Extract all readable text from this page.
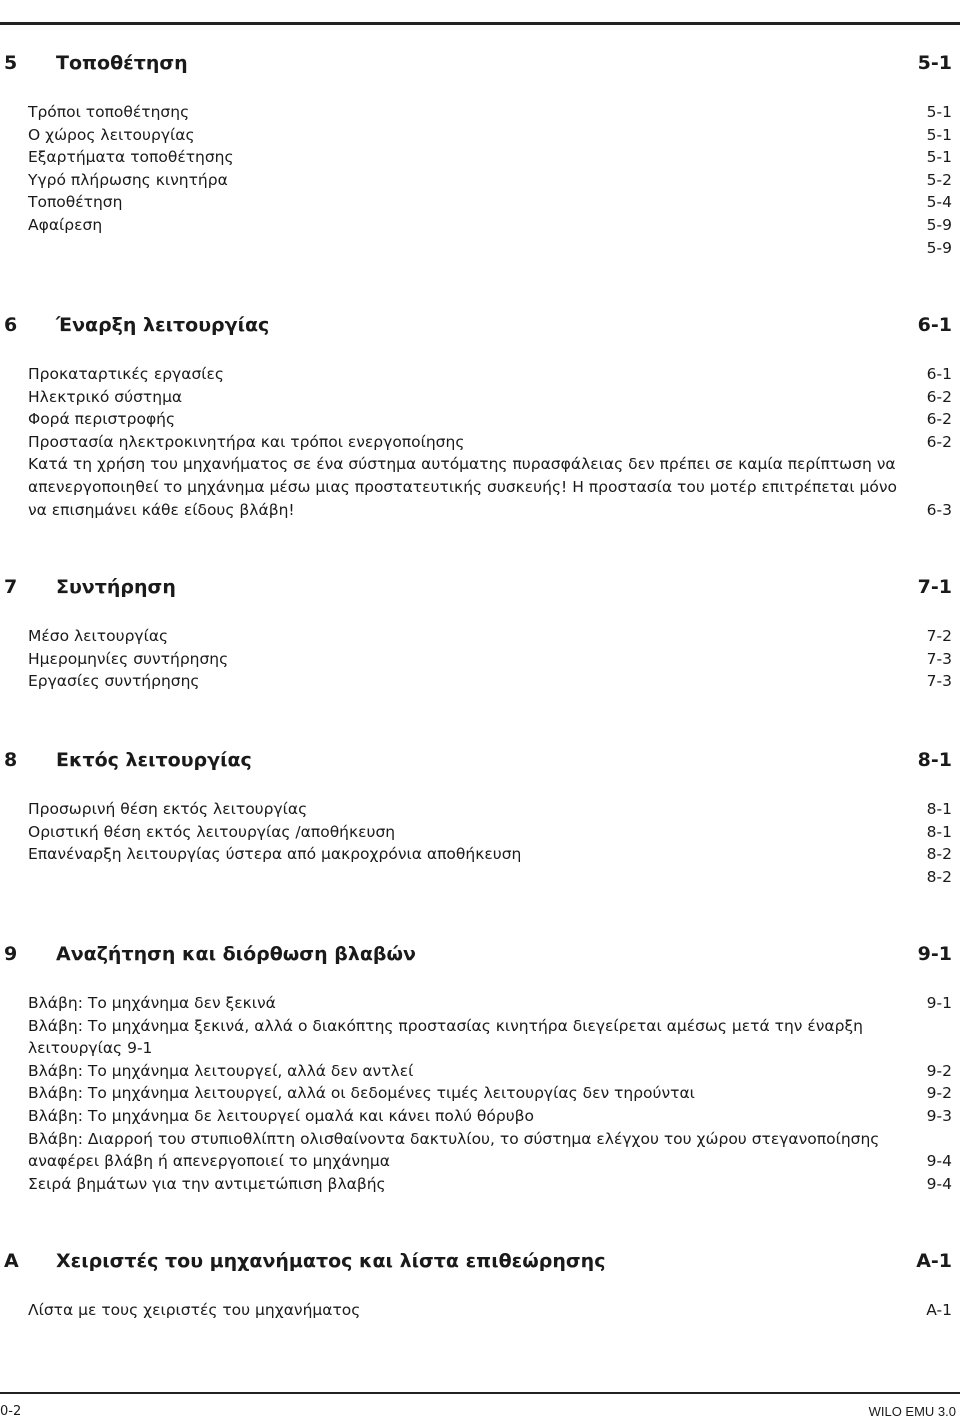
5 Τοποθέτηση	5-1
Τρόποι τοποθέτησης	5-1
Ο χώρος λειτουργίας	5-1
Εξαρτήματα τοποθέτησης	5-1
Υγρό πλήρωσης κινητήρα	5-2
Τοποθέτηση	5-4
Αφαίρεση	5-9
5-9
6 Έναρξη λειτουργίας	6-1
Προκαταρτικές εργασίες	6-1
Ηλεκτρικό σύστημα	6-2
Φορά περιστροφής	6-2
Προστασία ηλεκτροκινητήρα και τρόποι ενεργοποίησης	6-2
Κατά τη χρήση του μηχανήματος σε ένα σύστημα αυτόματης πυρασφάλειας δεν πρέπει σε καμία περίπτωση να απενεργοποιηθεί το μηχάνημα μέσω μιας προστατευτικής συσκευής! Η προστασία του μοτέρ επιτρέπεται μόνο να επισημάνει κάθε είδους βλάβη!	6-3
7 Συντήρηση	7-1
Μέσο λειτουργίας	7-2
Ημερομηνίες συντήρησης	7-3
Εργασίες συντήρησης	7-3
8 Εκτός λειτουργίας	8-1
Προσωρινή θέση εκτός λειτουργίας	8-1
Οριστική θέση εκτός λειτουργίας /αποθήκευση	8-1
Επανέναρξη λειτουργίας ύστερα από μακροχρόνια αποθήκευση	8-2
8-2
9 Αναζήτηση και διόρθωση βλαβών	9-1
Βλάβη: Το μηχάνημα δεν ξεκινά	9-1
Βλάβη: Το μηχάνημα ξεκινά, αλλά ο διακόπτης προστασίας κινητήρα διεγείρεται αμέσως μετά την έναρξη λειτουργίας 9-1
Βλάβη: Το μηχάνημα λειτουργεί, αλλά δεν αντλεί	9-2
Βλάβη: Το μηχάνημα λειτουργεί, αλλά οι δεδομένες τιμές λειτουργίας δεν τηρούνται	9-2
Βλάβη: Το μηχάνημα δε λειτουργεί ομαλά και κάνει πολύ θόρυβο	9-3
Βλάβη: Διαρροή του στυπιοθλίπτη ολισθαίνοντα δακτυλίου, το σύστημα ελέγχου του χώρου στεγανοποίησης αναφέρει βλάβη ή απενεργοποιεί το μηχάνημα	9-4
Σειρά βημάτων για την αντιμετώπιση βλαβής	9-4
A Χειριστές του μηχανήματος και λίστα επιθεώρησης	A-1
Λίστα με τους χειριστές του μηχανήματος	A-1
0-2	WILO EMU 3.0
